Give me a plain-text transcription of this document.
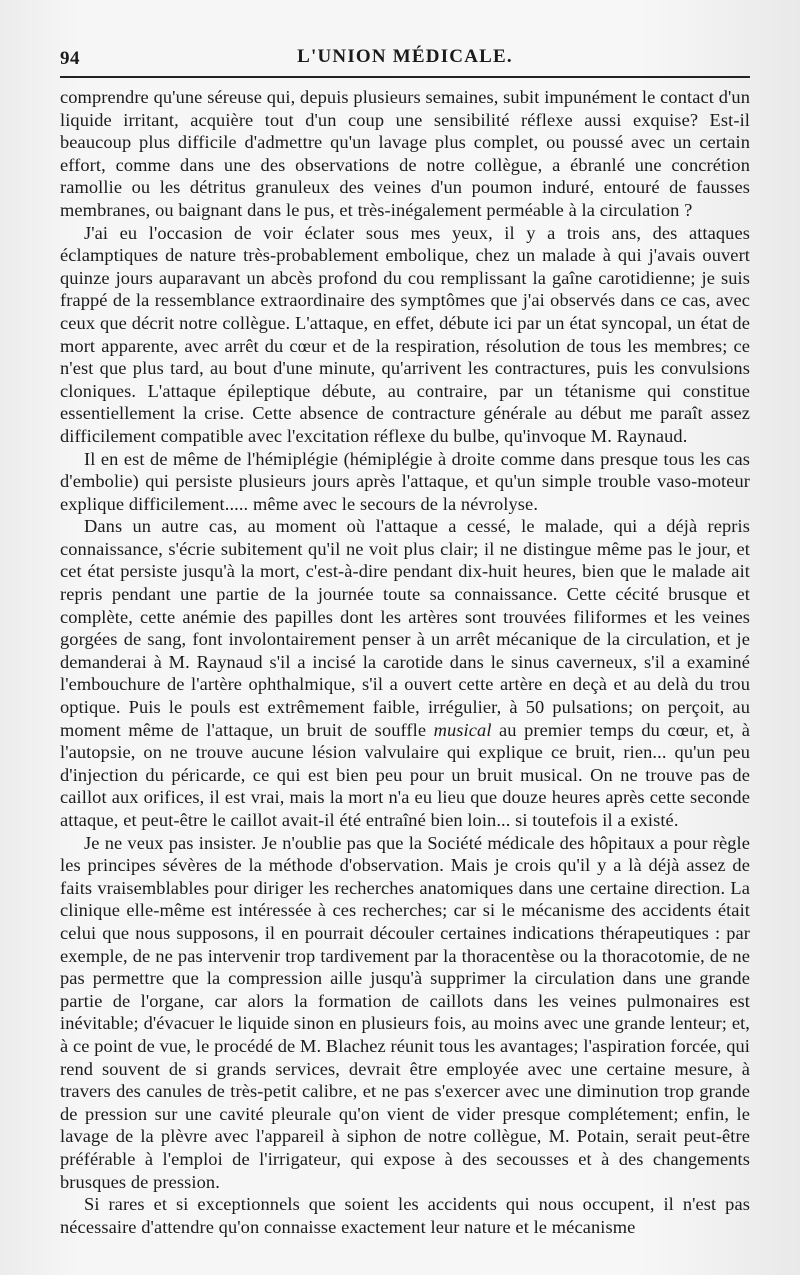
94	L'UNION MÉDICALE.

comprendre qu'une séreuse qui, depuis plusieurs semaines, subit impunément le contact d'un liquide irritant, acquière tout d'un coup une sensibilité réflexe aussi exquise? Est-il beaucoup plus difficile d'admettre qu'un lavage plus complet, ou poussé avec un certain effort, comme dans une des observations de notre collègue, a ébranlé une concrétion ramollie ou les détritus granuleux des veines d'un poumon induré, entouré de fausses membranes, ou baignant dans le pus, et très-inégalement perméable à la circulation ?

J'ai eu l'occasion de voir éclater sous mes yeux, il y a trois ans, des attaques éclamptiques de nature très-probablement embolique, chez un malade à qui j'avais ouvert quinze jours auparavant un abcès profond du cou remplissant la gaîne carotidienne; je suis frappé de la ressemblance extraordinaire des symptômes que j'ai observés dans ce cas, avec ceux que décrit notre collègue. L'attaque, en effet, débute ici par un état syncopal, un état de mort apparente, avec arrêt du cœur et de la respiration, résolution de tous les membres; ce n'est que plus tard, au bout d'une minute, qu'arrivent les contractures, puis les convulsions cloniques. L'attaque épileptique débute, au contraire, par un tétanisme qui constitue essentiellement la crise. Cette absence de contracture générale au début me paraît assez difficilement compatible avec l'excitation réflexe du bulbe, qu'invoque M. Raynaud.

Il en est de même de l'hémiplégie (hémiplégie à droite comme dans presque tous les cas d'embolie) qui persiste plusieurs jours après l'attaque, et qu'un simple trouble vaso-moteur explique difficilement..... même avec le secours de la névrolyse.

Dans un autre cas, au moment où l'attaque a cessé, le malade, qui a déjà repris connaissance, s'écrie subitement qu'il ne voit plus clair; il ne distingue même pas le jour, et cet état persiste jusqu'à la mort, c'est-à-dire pendant dix-huit heures, bien que le malade ait repris pendant une partie de la journée toute sa connaissance. Cette cécité brusque et complète, cette anémie des papilles dont les artères sont trouvées filiformes et les veines gorgées de sang, font involontairement penser à un arrêt mécanique de la circulation, et je demanderai à M. Raynaud s'il a incisé la carotide dans le sinus caverneux, s'il a examiné l'embouchure de l'artère ophthalmique, s'il a ouvert cette artère en deçà et au delà du trou optique. Puis le pouls est extrêmement faible, irrégulier, à 50 pulsations; on perçoit, au moment même de l'attaque, un bruit de souffle musical au premier temps du cœur, et, à l'autopsie, on ne trouve aucune lésion valvulaire qui explique ce bruit, rien... qu'un peu d'injection du péricarde, ce qui est bien peu pour un bruit musical. On ne trouve pas de caillot aux orifices, il est vrai, mais la mort n'a eu lieu que douze heures après cette seconde attaque, et peut-être le caillot avait-il été entraîné bien loin... si toutefois il a existé.

Je ne veux pas insister. Je n'oublie pas que la Société médicale des hôpitaux a pour règle les principes sévères de la méthode d'observation. Mais je crois qu'il y a là déjà assez de faits vraisemblables pour diriger les recherches anatomiques dans une certaine direction. La clinique elle-même est intéressée à ces recherches; car si le mécanisme des accidents était celui que nous supposons, il en pourrait découler certaines indications thérapeutiques : par exemple, de ne pas intervenir trop tardivement par la thoracentèse ou la thoracotomie, de ne pas permettre que la compression aille jusqu'à supprimer la circulation dans une grande partie de l'organe, car alors la formation de caillots dans les veines pulmonaires est inévitable; d'évacuer le liquide sinon en plusieurs fois, au moins avec une grande lenteur; et, à ce point de vue, le procédé de M. Blachez réunit tous les avantages; l'aspiration forcée, qui rend souvent de si grands services, devrait être employée avec une certaine mesure, à travers des canules de très-petit calibre, et ne pas s'exercer avec une diminution trop grande de pression sur une cavité pleurale qu'on vient de vider presque complétement; enfin, le lavage de la plèvre avec l'appareil à siphon de notre collègue, M. Potain, serait peut-être préférable à l'emploi de l'irrigateur, qui expose à des secousses et à des changements brusques de pression.

Si rares et si exceptionnels que soient les accidents qui nous occupent, il n'est pas nécessaire d'attendre qu'on connaisse exactement leur nature et le mécanisme
